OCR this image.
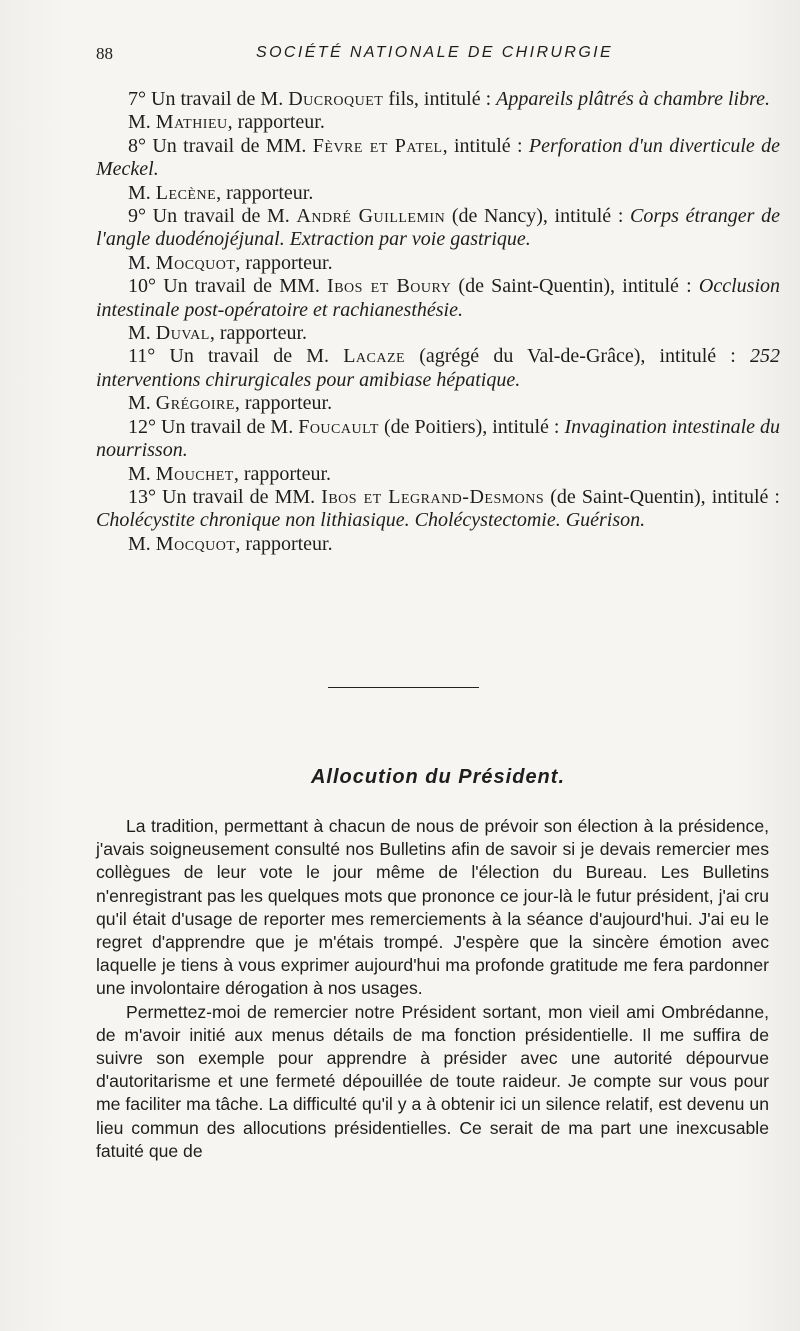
88	SOCIÉTÉ NATIONALE DE CHIRURGIE

7° Un travail de M. Ducroquet fils, intitulé : Appareils plâtrés à chambre libre.

M. Mathieu, rapporteur.

8° Un travail de MM. Fèvre et Patel, intitulé : Perforation d'un diverticule de Meckel.

M. Lecène, rapporteur.

9° Un travail de M. André Guillemin (de Nancy), intitulé : Corps étranger de l'angle duodénojéjunal. Extraction par voie gastrique.

M. Mocquot, rapporteur.

10° Un travail de MM. Ibos et Boury (de Saint-Quentin), intitulé : Occlusion intestinale post-opératoire et rachianesthésie.

M. Duval, rapporteur.

11° Un travail de M. Lacaze (agrégé du Val-de-Grâce), intitulé : 252 interventions chirurgicales pour amibiase hépatique.

M. Grégoire, rapporteur.

12° Un travail de M. Foucault (de Poitiers), intitulé : Invagination intestinale du nourrisson.

M. Mouchet, rapporteur.

13° Un travail de MM. Ibos et Legrand-Desmons (de Saint-Quentin), intitulé : Cholécystite chronique non lithiasique. Cholécystectomie. Guérison.

M. Mocquot, rapporteur.

Allocution du Président.

La tradition, permettant à chacun de nous de prévoir son élection à la présidence, j'avais soigneusement consulté nos Bulletins afin de savoir si je devais remercier mes collègues de leur vote le jour même de l'élection du Bureau. Les Bulletins n'enregistrant pas les quelques mots que prononce ce jour-là le futur président, j'ai cru qu'il était d'usage de reporter mes remerciements à la séance d'aujourd'hui. J'ai eu le regret d'apprendre que je m'étais trompé. J'espère que la sincère émotion avec laquelle je tiens à vous exprimer aujourd'hui ma profonde gratitude me fera pardonner une involontaire dérogation à nos usages.

Permettez-moi de remercier notre Président sortant, mon vieil ami Ombrédanne, de m'avoir initié aux menus détails de ma fonction présidentielle. Il me suffira de suivre son exemple pour apprendre à présider avec une autorité dépourvue d'autoritarisme et une fermeté dépouillée de toute raideur. Je compte sur vous pour me faciliter ma tâche. La difficulté qu'il y a à obtenir ici un silence relatif, est devenu un lieu commun des allocutions présidentielles. Ce serait de ma part une inexcusable fatuité que de
